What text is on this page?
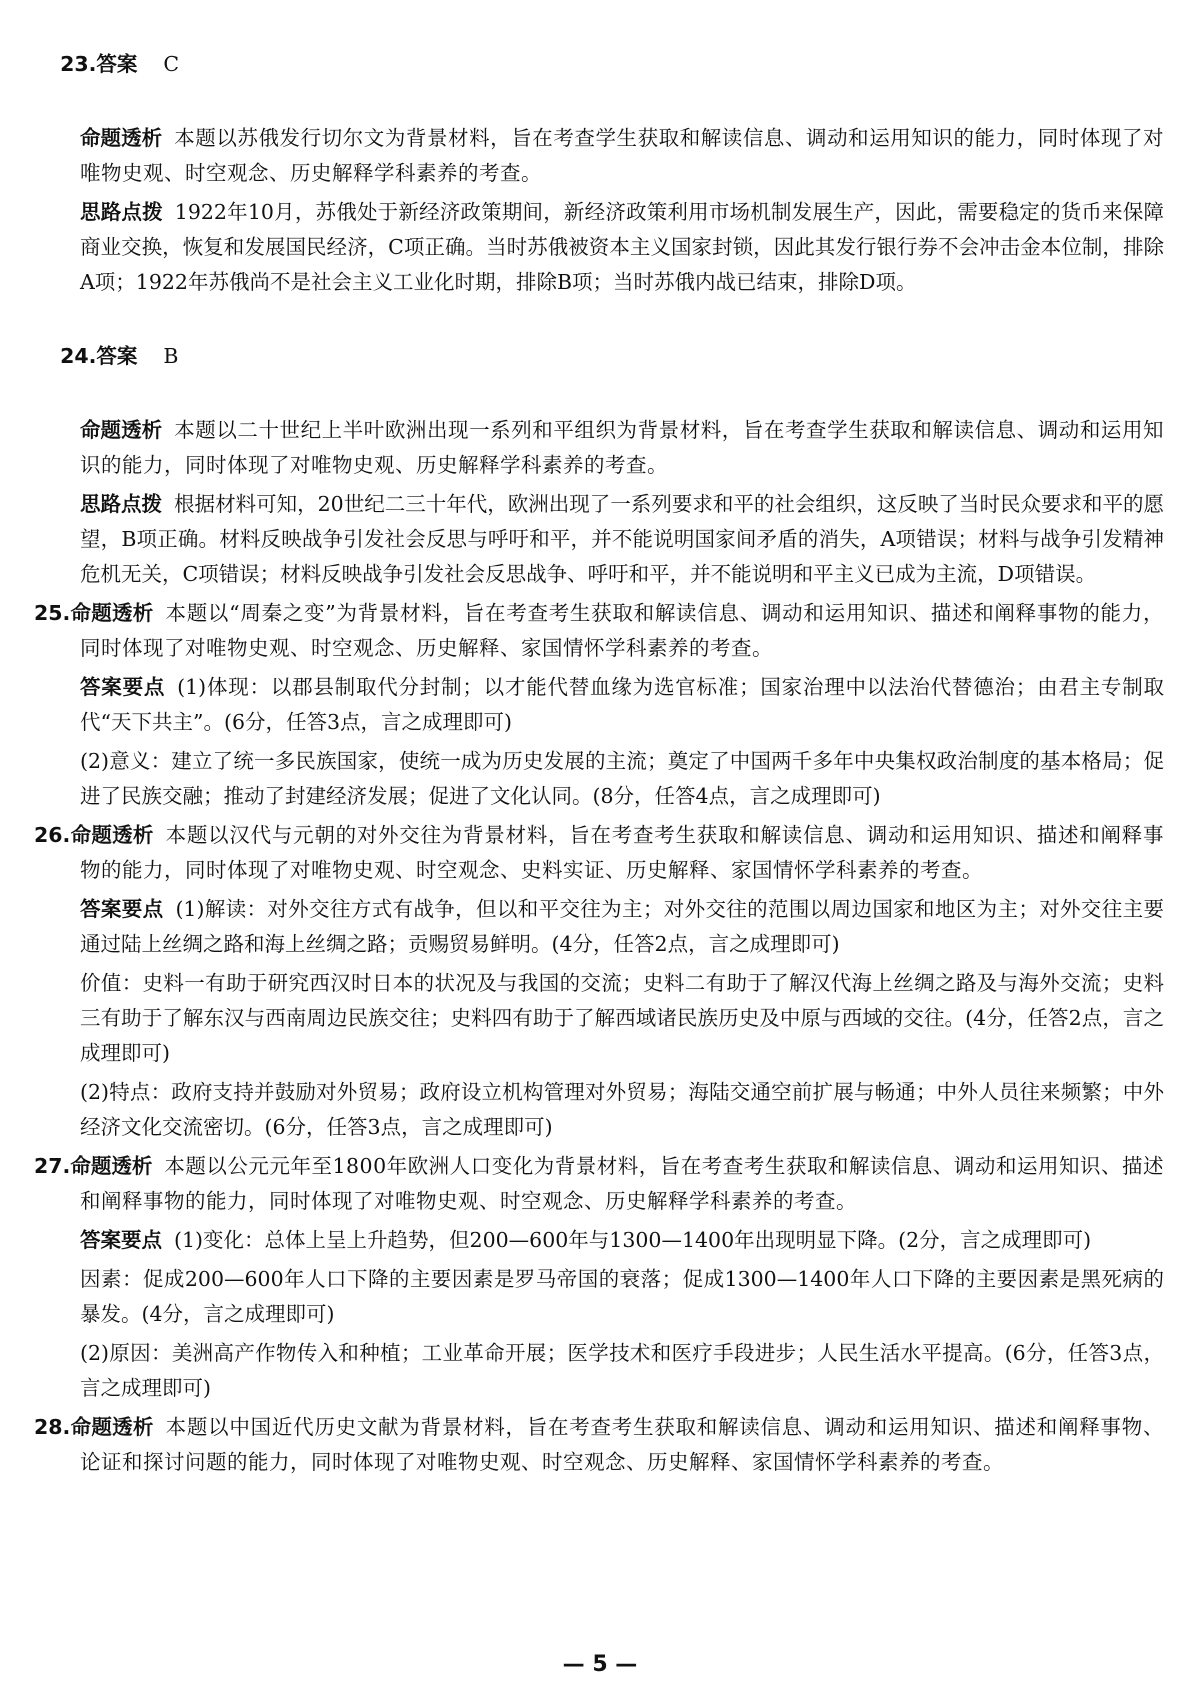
23.答案 C

命题透析 本题以苏俄发行切尔文为背景材料，旨在考查学生获取和解读信息、调动和运用知识的能力，同时体现了对唯物史观、时空观念、历史解释学科素养的考查。
思路点拨 1922年10月，苏俄处于新经济政策期间，新经济政策利用市场机制发展生产，因此，需要稳定的货币来保障商业交换，恢复和发展国民经济，C项正确。当时苏俄被资本主义国家封锁，因此其发行银行券不会冲击金本位制，排除A项；1922年苏俄尚不是社会主义工业化时期，排除B项；当时苏俄内战已结束，排除D项。

24.答案 B

命题透析 本题以二十世纪上半叶欧洲出现一系列和平组织为背景材料，旨在考查学生获取和解读信息、调动和运用知识的能力，同时体现了对唯物史观、历史解释学科素养的考查。
思路点拨 根据材料可知，20世纪二三十年代，欧洲出现了一系列要求和平的社会组织，这反映了当时民众要求和平的愿望，B项正确。材料反映战争引发社会反思与呼吁和平，并不能说明国家间矛盾的消失，A项错误；材料与战争引发精神危机无关，C项错误；材料反映战争引发社会反思战争、呼吁和平，并不能说明和平主义已成为主流，D项错误。
25.命题透析 本题以“周秦之变”为背景材料，旨在考查考生获取和解读信息、调动和运用知识、描述和阐释事物的能力，同时体现了对唯物史观、时空观念、历史解释、家国情怀学科素养的考查。
答案要点 (1)体现：以郡县制取代分封制；以才能代替血缘为选官标准；国家治理中以法治代替德治；由君主专制取代“天下共主”。(6分，任答3点，言之成理即可)
(2)意义：建立了统一多民族国家，使统一成为历史发展的主流；奠定了中国两千多年中央集权政治制度的基本格局；促进了民族交融；推动了封建经济发展；促进了文化认同。(8分，任答4点，言之成理即可)
26.命题透析 本题以汉代与元朝的对外交往为背景材料，旨在考查考生获取和解读信息、调动和运用知识、描述和阐释事物的能力，同时体现了对唯物史观、时空观念、史料实证、历史解释、家国情怀学科素养的考查。
答案要点 (1)解读：对外交往方式有战争，但以和平交往为主；对外交往的范围以周边国家和地区为主；对外交往主要通过陆上丝绸之路和海上丝绸之路；贡赐贸易鲜明。(4分，任答2点，言之成理即可)
价值：史料一有助于研究西汉时日本的状况及与我国的交流；史料二有助于了解汉代海上丝绸之路及与海外交流；史料三有助于了解东汉与西南周边民族交往；史料四有助于了解西域诸民族历史及中原与西域的交往。(4分，任答2点，言之成理即可)
(2)特点：政府支持并鼓励对外贸易；政府设立机构管理对外贸易；海陆交通空前扩展与畅通；中外人员往来频繁；中外经济文化交流密切。(6分，任答3点，言之成理即可)
27.命题透析 本题以公元元年至1800年欧洲人口变化为背景材料，旨在考查考生获取和解读信息、调动和运用知识、描述和阐释事物的能力，同时体现了对唯物史观、时空观念、历史解释学科素养的考查。
答案要点 (1)变化：总体上呈上升趋势，但200—600年与1300—1400年出现明显下降。(2分，言之成理即可)
因素：促成200—600年人口下降的主要因素是罗马帝国的衰落；促成1300—1400年人口下降的主要因素是黑死病的暴发。(4分，言之成理即可)
(2)原因：美洲高产作物传入和种植；工业革命开展；医学技术和医疗手段进步；人民生活水平提高。(6分，任答3点，言之成理即可)
28.命题透析 本题以中国近代历史文献为背景材料，旨在考查考生获取和解读信息、调动和运用知识、描述和阐释事物、论证和探讨问题的能力，同时体现了对唯物史观、时空观念、历史解释、家国情怀学科素养的考查。
— 5 —
